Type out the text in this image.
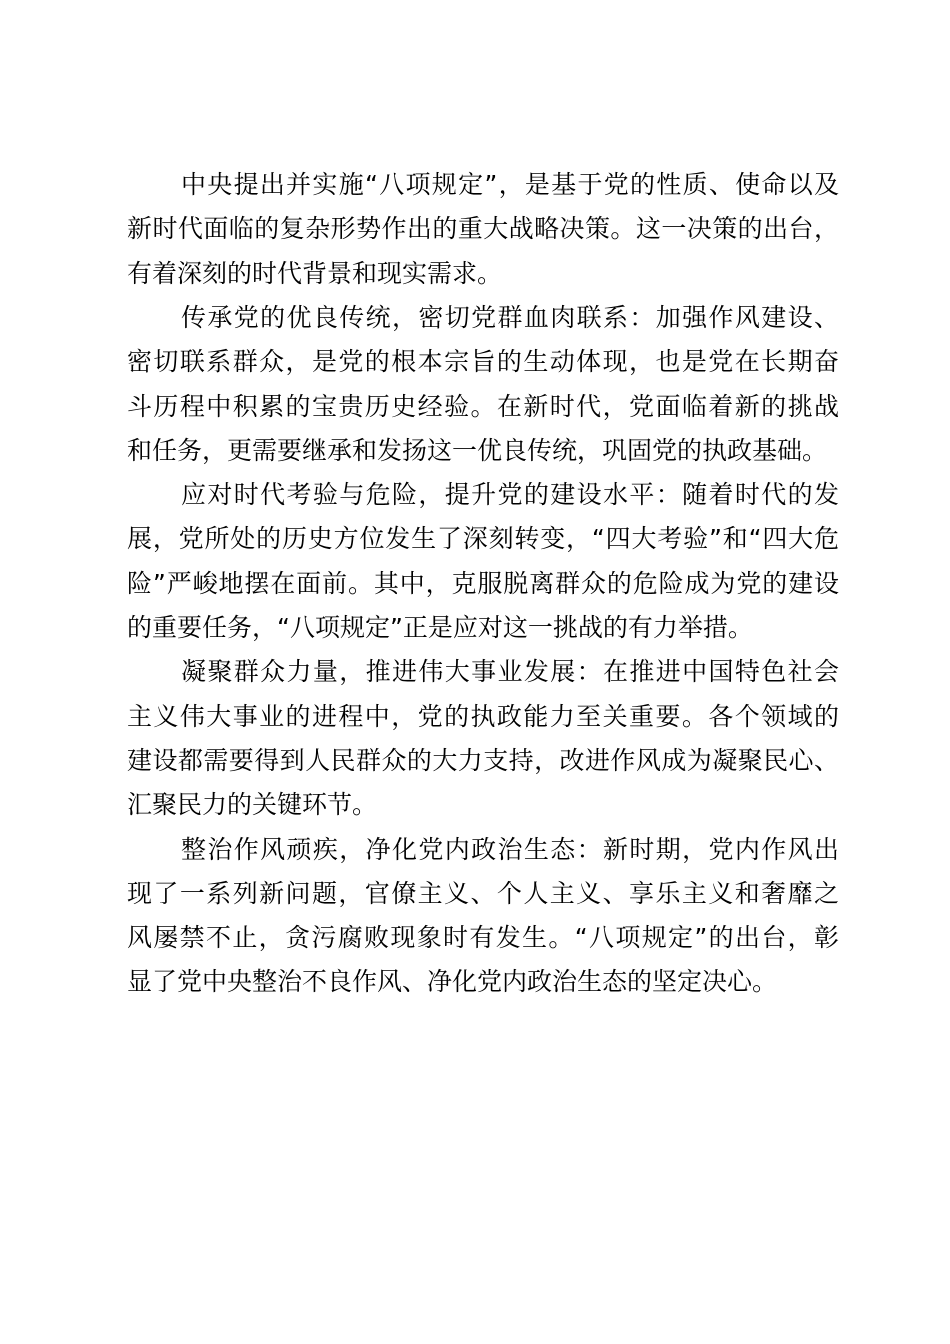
中央提出并实施“八项规定”，是基于党的性质、使命以及
新时代面临的复杂形势作出的重大战略决策。这一决策的出台，
有着深刻的时代背景和现实需求。
传承党的优良传统，密切党群血肉联系：加强作风建设、
密切联系群众，是党的根本宗旨的生动体现，也是党在长期奋
斗历程中积累的宝贵历史经验。在新时代，党面临着新的挑战
和任务，更需要继承和发扬这一优良传统，巩固党的执政基础。
应对时代考验与危险，提升党的建设水平：随着时代的发
展，党所处的历史方位发生了深刻转变，“四大考验”和“四大危
险”严峻地摆在面前。其中，克服脱离群众的危险成为党的建设
的重要任务，“八项规定”正是应对这一挑战的有力举措。
凝聚群众力量，推进伟大事业发展：在推进中国特色社会
主义伟大事业的进程中，党的执政能力至关重要。各个领域的
建设都需要得到人民群众的大力支持，改进作风成为凝聚民心、
汇聚民力的关键环节。
整治作风顽疾，净化党内政治生态：新时期，党内作风出
现了一系列新问题，官僚主义、个人主义、享乐主义和奢靡之
风屡禁不止，贪污腐败现象时有发生。“八项规定”的出台，彰
显了党中央整治不良作风、净化党内政治生态的坚定决心。
